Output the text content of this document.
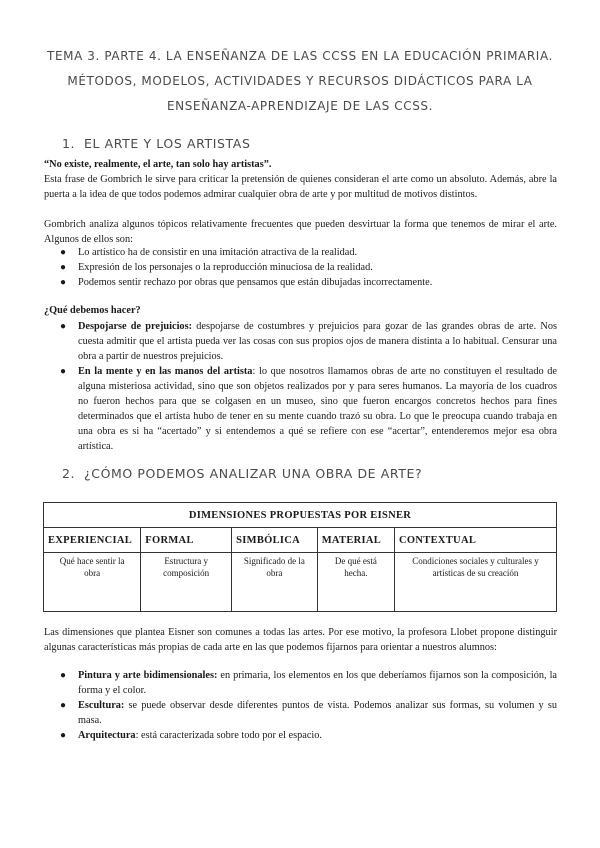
TEMA 3. PARTE 4. LA ENSEÑANZA DE LAS CCSS EN LA EDUCACIÓN PRIMARIA.
MÉTODOS, MODELOS, ACTIVIDADES Y RECURSOS DIDÁCTICOS PARA LA
ENSEÑANZA-APRENDIZAJE DE LAS CCSS.
1. EL ARTE Y LOS ARTISTAS
“No existe, realmente, el arte, tan solo hay artistas”.
Esta frase de Gombrich le sirve para criticar la pretensión de quienes consideran el arte como un absoluto. Además, abre la puerta a la idea de que todos podemos admirar cualquier obra de arte y por multitud de motivos distintos.
Gombrich analiza algunos tópicos relativamente frecuentes que pueden desvirtuar la forma que tenemos de mirar el arte. Algunos de ellos son:
● Lo artístico ha de consistir en una imitación atractiva de la realidad.
● Expresión de los personajes o la reproducción minuciosa de la realidad.
● Podemos sentir rechazo por obras que pensamos que están dibujadas incorrectamente.
¿Qué debemos hacer?
● Despojarse de prejuicios: despojarse de costumbres y prejuicios para gozar de las grandes obras de arte. Nos cuesta admitir que el artista pueda ver las cosas con sus propios ojos de manera distinta a lo habitual. Censurar una obra a partir de nuestros prejuicios.
● En la mente y en las manos del artista: lo que nosotros llamamos obras de arte no constituyen el resultado de alguna misteriosa actividad, sino que son objetos realizados por y para seres humanos. La mayoría de los cuadros no fueron hechos para que se colgasen en un museo, sino que fueron encargos concretos hechos para fines determinados que el artista hubo de tener en su mente cuando trazó su obra. Lo que le preocupa cuando trabaja en una obra es si ha “acertado” y si entendemos a qué se refiere con ese “acertar”, entenderemos mejor esa obra artística.
2. ¿CÓMO PODEMOS ANALIZAR UNA OBRA DE ARTE?
DIMENSIONES PROPUESTAS POR EISNER				
EXPERIENCIAL	FORMAL	SIMBÓLICA	MATERIAL	CONTEXTUAL
Qué hace sentir la obra	Estructura y composición	Significado de la obra	De qué está hecha.	Condiciones sociales y culturales y artísticas de su creación
Las dimensiones que plantea Eisner son comunes a todas las artes. Por ese motivo, la profesora Llobet propone distinguir algunas características más propias de cada arte en las que podemos fijarnos para orientar a nuestros alumnos:
● Pintura y arte bidimensionales: en primaria, los elementos en los que deberíamos fijarnos son la composición, la forma y el color.
● Escultura: se puede observar desde diferentes puntos de vista. Podemos analizar sus formas, su volumen y su masa.
● Arquitectura: está caracterizada sobre todo por el espacio.
